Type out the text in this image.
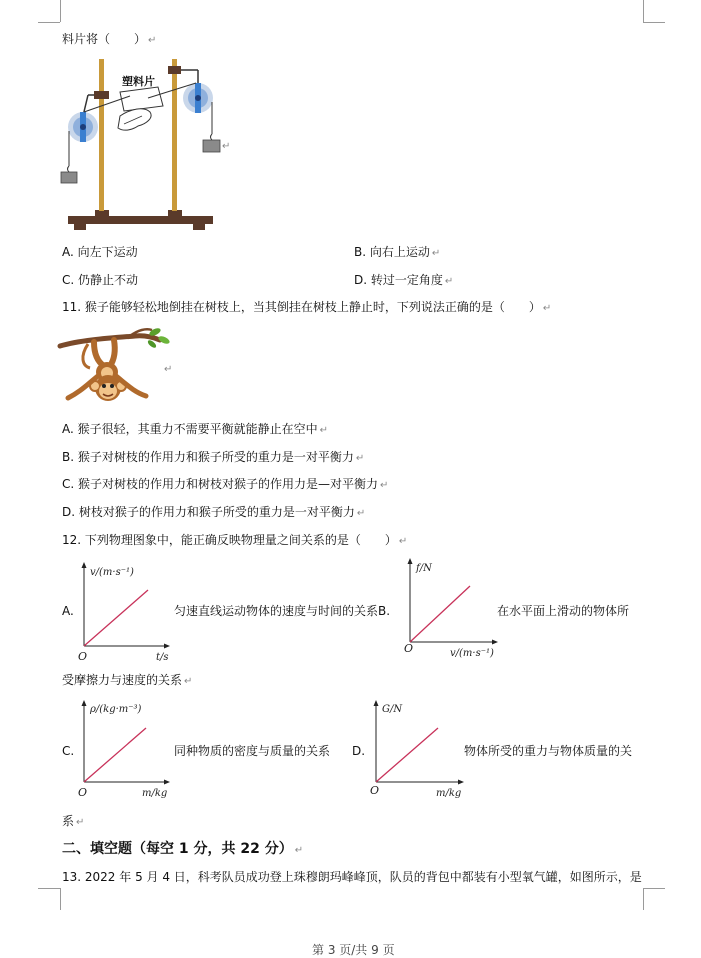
料片将（　　） ↵
塑料片
↵
A. 向左下运动	B. 向右上运动 ↵
C. 仍静止不动	D. 转过一定角度 ↵
11. 猴子能够轻松地倒挂在树枝上，当其倒挂在树枝上静止时，下列说法正确的是（　　） ↵
↵
A. 猴子很轻，其重力不需要平衡就能静止在空中 ↵
B. 猴子对树枝的作用力和猴子所受的重力是一对平衡力 ↵
C. 猴子对树枝的作用力和树枝对猴子的作用力是—对平衡力 ↵
D. 树枝对猴子的作用力和猴子所受的重力是一对平衡力 ↵
12. 下列物理图象中，能正确反映物理量之间关系的是（　　） ↵
v/(m·s⁻¹)
t/s
O
A.	匀速直线运动物体的速度与时间的关系B.
f/N
v/(m·s⁻¹)
O
在水平面上滑动的物体所
受摩擦力与速度的关系 ↵
ρ/(kg·m⁻³)
m/kg
O
C.	同种物质的密度与质量的关系
G/N
m/kg
O
D.	物体所受的重力与物体质量的关
系 ↵
二、填空题（每空 1 分，共 22 分） ↵
13. 2022 年 5 月 4 日，科考队员成功登上珠穆朗玛峰峰顶，队员的背包中都装有小型氧气罐，如图所示，是
第 3 页/共 9 页
